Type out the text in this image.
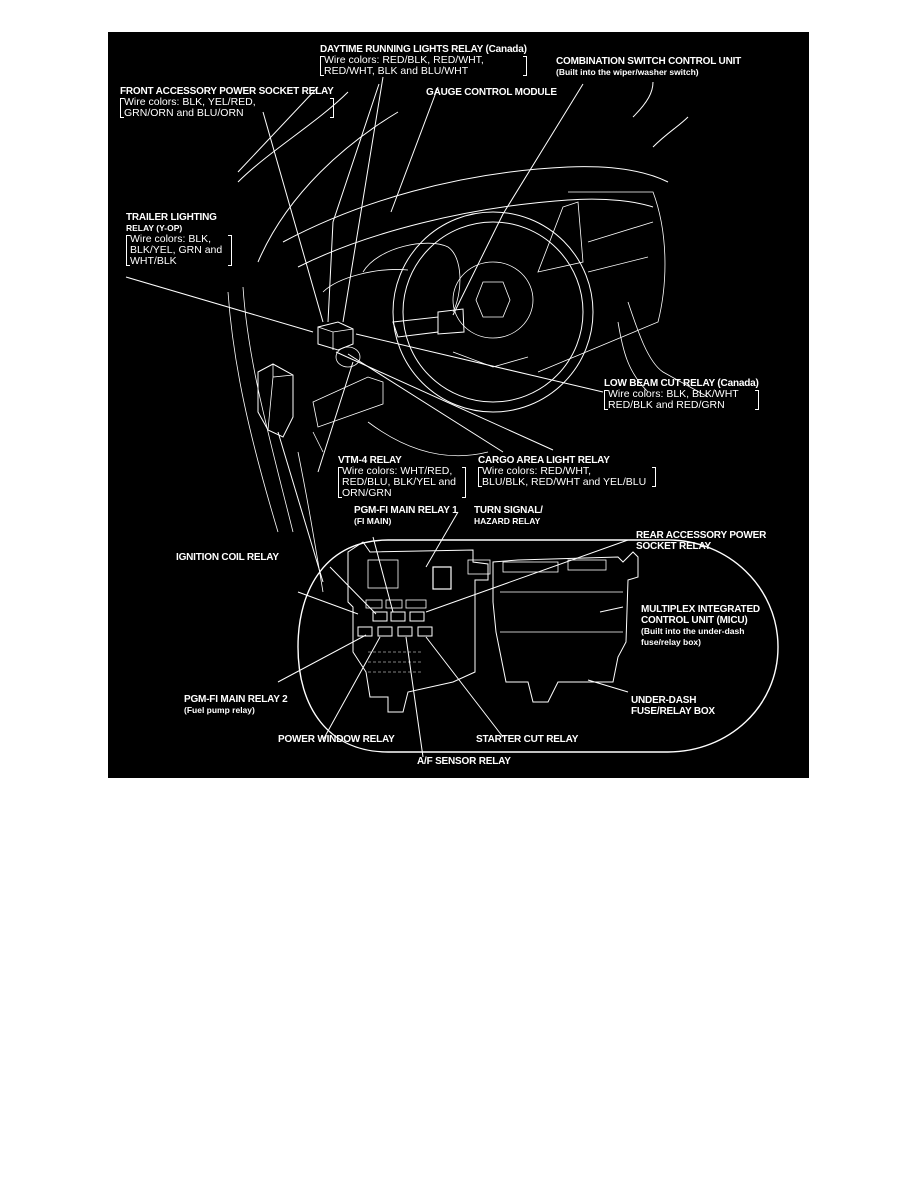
DAYTIME RUNNING LIGHTS RELAY (Canada)
Wire colors: RED/BLK, RED/WHT,
RED/WHT, BLK and BLU/WHT
COMBINATION SWITCH CONTROL UNIT
(Built into the wiper/washer switch)
FRONT ACCESSORY POWER SOCKET RELAY
Wire colors: BLK, YEL/RED,
GRN/ORN and BLU/ORN
GAUGE CONTROL MODULE
TRAILER LIGHTING
RELAY (Y-OP)
Wire colors: BLK,
BLK/YEL, GRN and
WHT/BLK
LOW BEAM CUT RELAY (Canada)
Wire colors: BLK, BLK/WHT
RED/BLK and RED/GRN
VTM-4 RELAY
Wire colors: WHT/RED,
RED/BLU, BLK/YEL and
ORN/GRN
CARGO AREA LIGHT RELAY
Wire colors: RED/WHT,
BLU/BLK, RED/WHT and YEL/BLU
PGM-FI MAIN RELAY 1
(FI MAIN)
TURN SIGNAL/
HAZARD RELAY
REAR ACCESSORY POWER
SOCKET RELAY
IGNITION COIL RELAY
MULTIPLEX INTEGRATED
CONTROL UNIT (MICU)
(Built into the under-dash
fuse/relay box)
PGM-FI MAIN RELAY 2
(Fuel pump relay)
UNDER-DASH
FUSE/RELAY BOX
POWER WINDOW RELAY	STARTER CUT RELAY
A/F SENSOR RELAY
